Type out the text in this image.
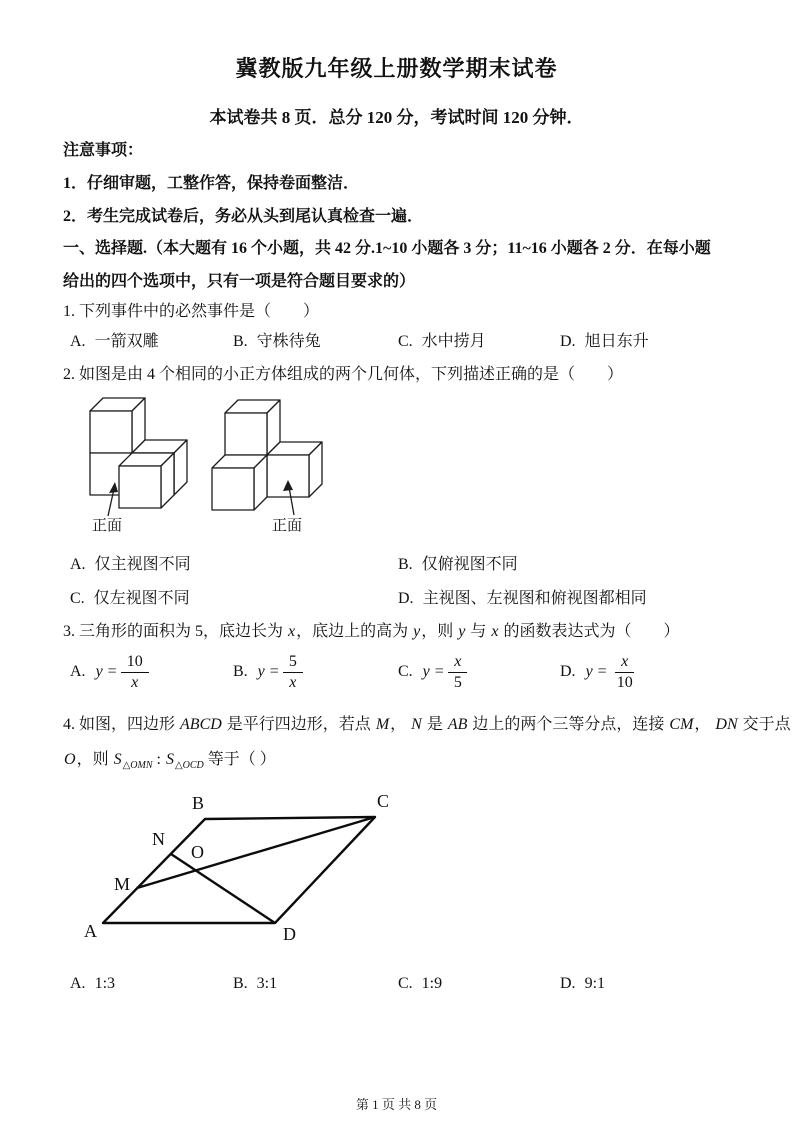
冀教版九年级上册数学期末试卷
本试卷共 8 页．总分 120 分，考试时间 120 分钟．
注意事项：
1．仔细审题，工整作答，保持卷面整洁．
2．考生完成试卷后，务必从头到尾认真检查一遍．
一、选择题.（本大题有 16 个小题，共 42 分.1~10 小题各 3 分；11~16 小题各 2 分．在每小题
给出的四个选项中，只有一项是符合题目要求的）
1. 下列事件中的必然事件是（　　）
A. 一箭双雕	B. 守株待兔	C. 水中捞月	D. 旭日东升
2. 如图是由 4 个相同的小正方体组成的两个几何体，下列描述正确的是（　　）
正面	正面
A. 仅主视图不同	B. 仅俯视图不同
C. 仅左视图不同	D. 主视图、左视图和俯视图都相同
3. 三角形的面积为 5，底边长为 x，底边上的高为 y，则 y 与 x 的函数表达式为（　　）
A. $y = \frac{10}{x}$	B. $y = \frac{5}{x}$	C. $y = \frac{x}{5}$	D. $y = \frac{x}{10}$
4. 如图，四边形 ABCD 是平行四边形，若点 M， N 是 AB 边上的两个三等分点，连接 CM， DN 交于点
O，则 $S_{\triangle OMN}$ : $S_{\triangle OCD}$ 等于（ ）
A
B	C
D
M
N
O
A. 1:3	B. 3:1	C. 1:9	D. 9:1
第 1 页 共 8 页
